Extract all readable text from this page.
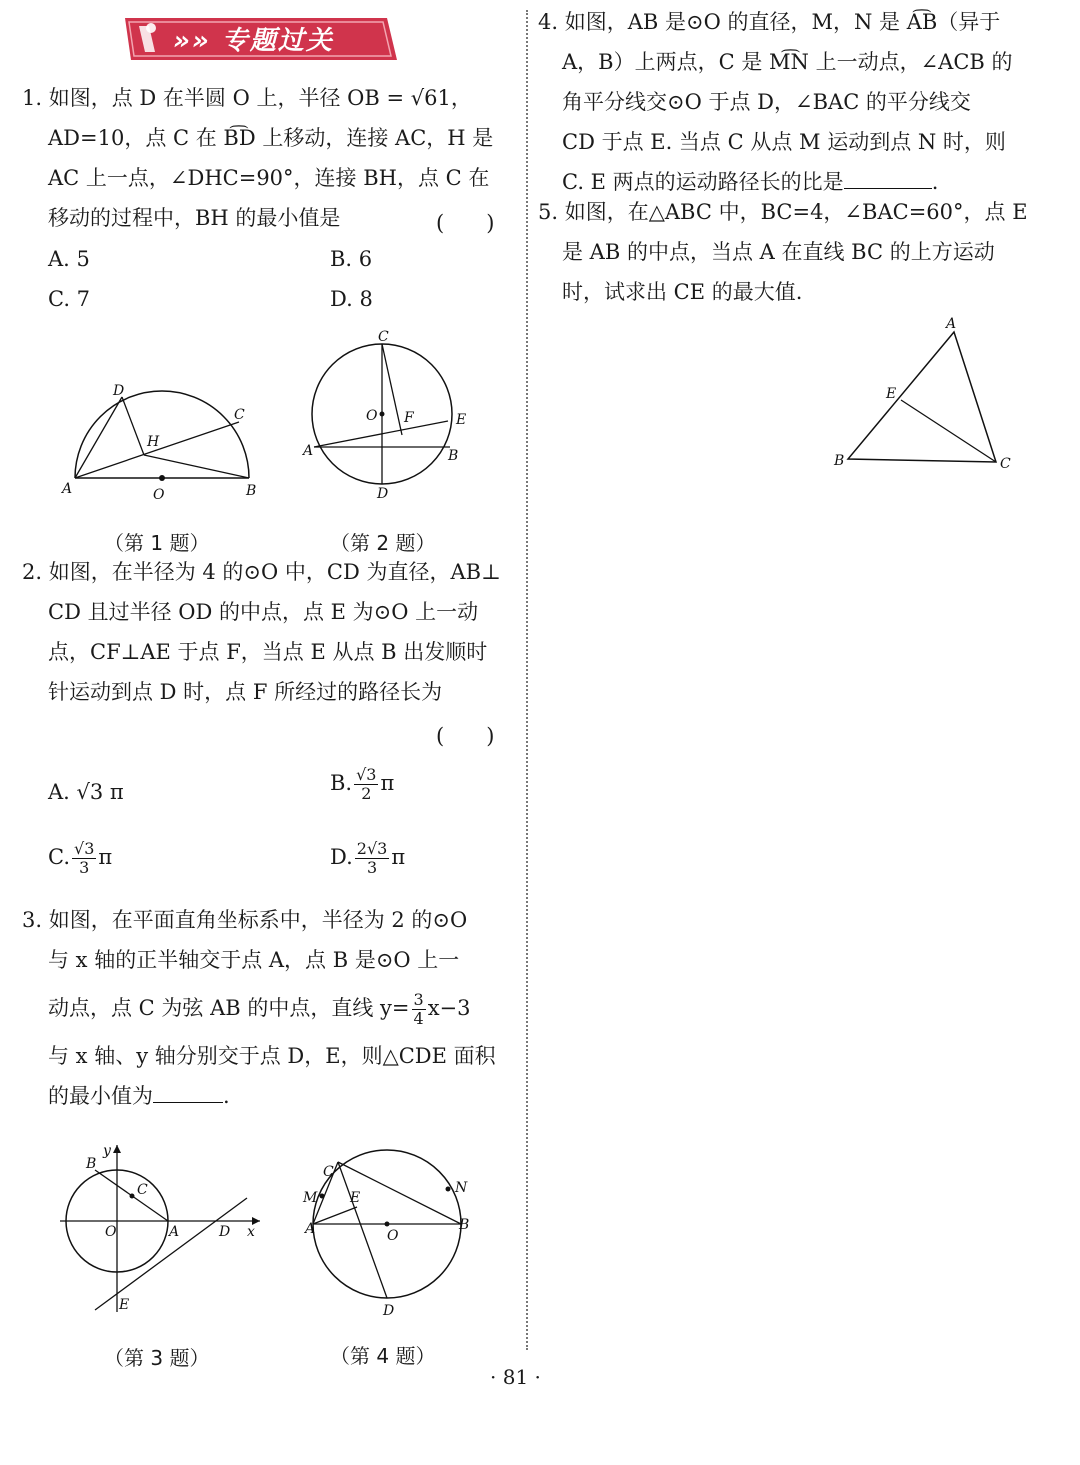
»» 专题过关 «««
1. 如图，点 D 在半圆 O 上，半径 OB = √61，
AD=10，点 C 在 B͡D 上移动，连接 AC，H 是
AC 上一点，∠DHC=90°，连接 BH，点 C 在
移动的过程中，BH 的最小值是	(　　)
A. 5	B. 6
C. 7	D. 8
D
C
H
A	O	B
（第 1 题）
C
O F	E
A	B
D
（第 2 题）
2. 如图，在半径为 4 的⊙O 中，CD 为直径，AB⊥
CD 且过半径 OD 的中点，点 E 为⊙O 上一动
点，CF⊥AE 于点 F，当点 E 从点 B 出发顺时
针运动到点 D 时，点 F 所经过的路径长为
(　　)
A. √3 π	B. $\frac{√3}{2}$ π
C. $\frac{√3}{3}$ π	D. $\frac{2√3}{3}$ π
3. 如图，在平面直角坐标系中，半径为 2 的⊙O
与 x 轴的正半轴交于点 A，点 B 是⊙O 上一
动点，点 C 为弦 AB 的中点，直线 $y= \frac{3}{4} x-3$
与 x 轴、y 轴分别交于点 D，E，则△CDE 面积
的最小值为	.
B
y
C
O	A	D x
E
（第 3 题）
C
N
M E
A	O
B
D
（第 4 题）
4. 如图，AB 是⊙O 的直径，M，N 是 A͡B（异于
A，B）上两点，C 是 M͡N 上一动点，∠ACB 的
角平分线交⊙O 于点 D，∠BAC 的平分线交
CD 于点 E. 当点 C 从点 M 运动到点 N 时，则
C. E 两点的运动路径长的比是	.
5. 如图，在△ABC 中，BC=4，∠BAC=60°，点 E
是 AB 的中点，当点 A 在直线 BC 的上方运动
时，试求出 CE 的最大值.
A
E
B	C
· 81 ·
